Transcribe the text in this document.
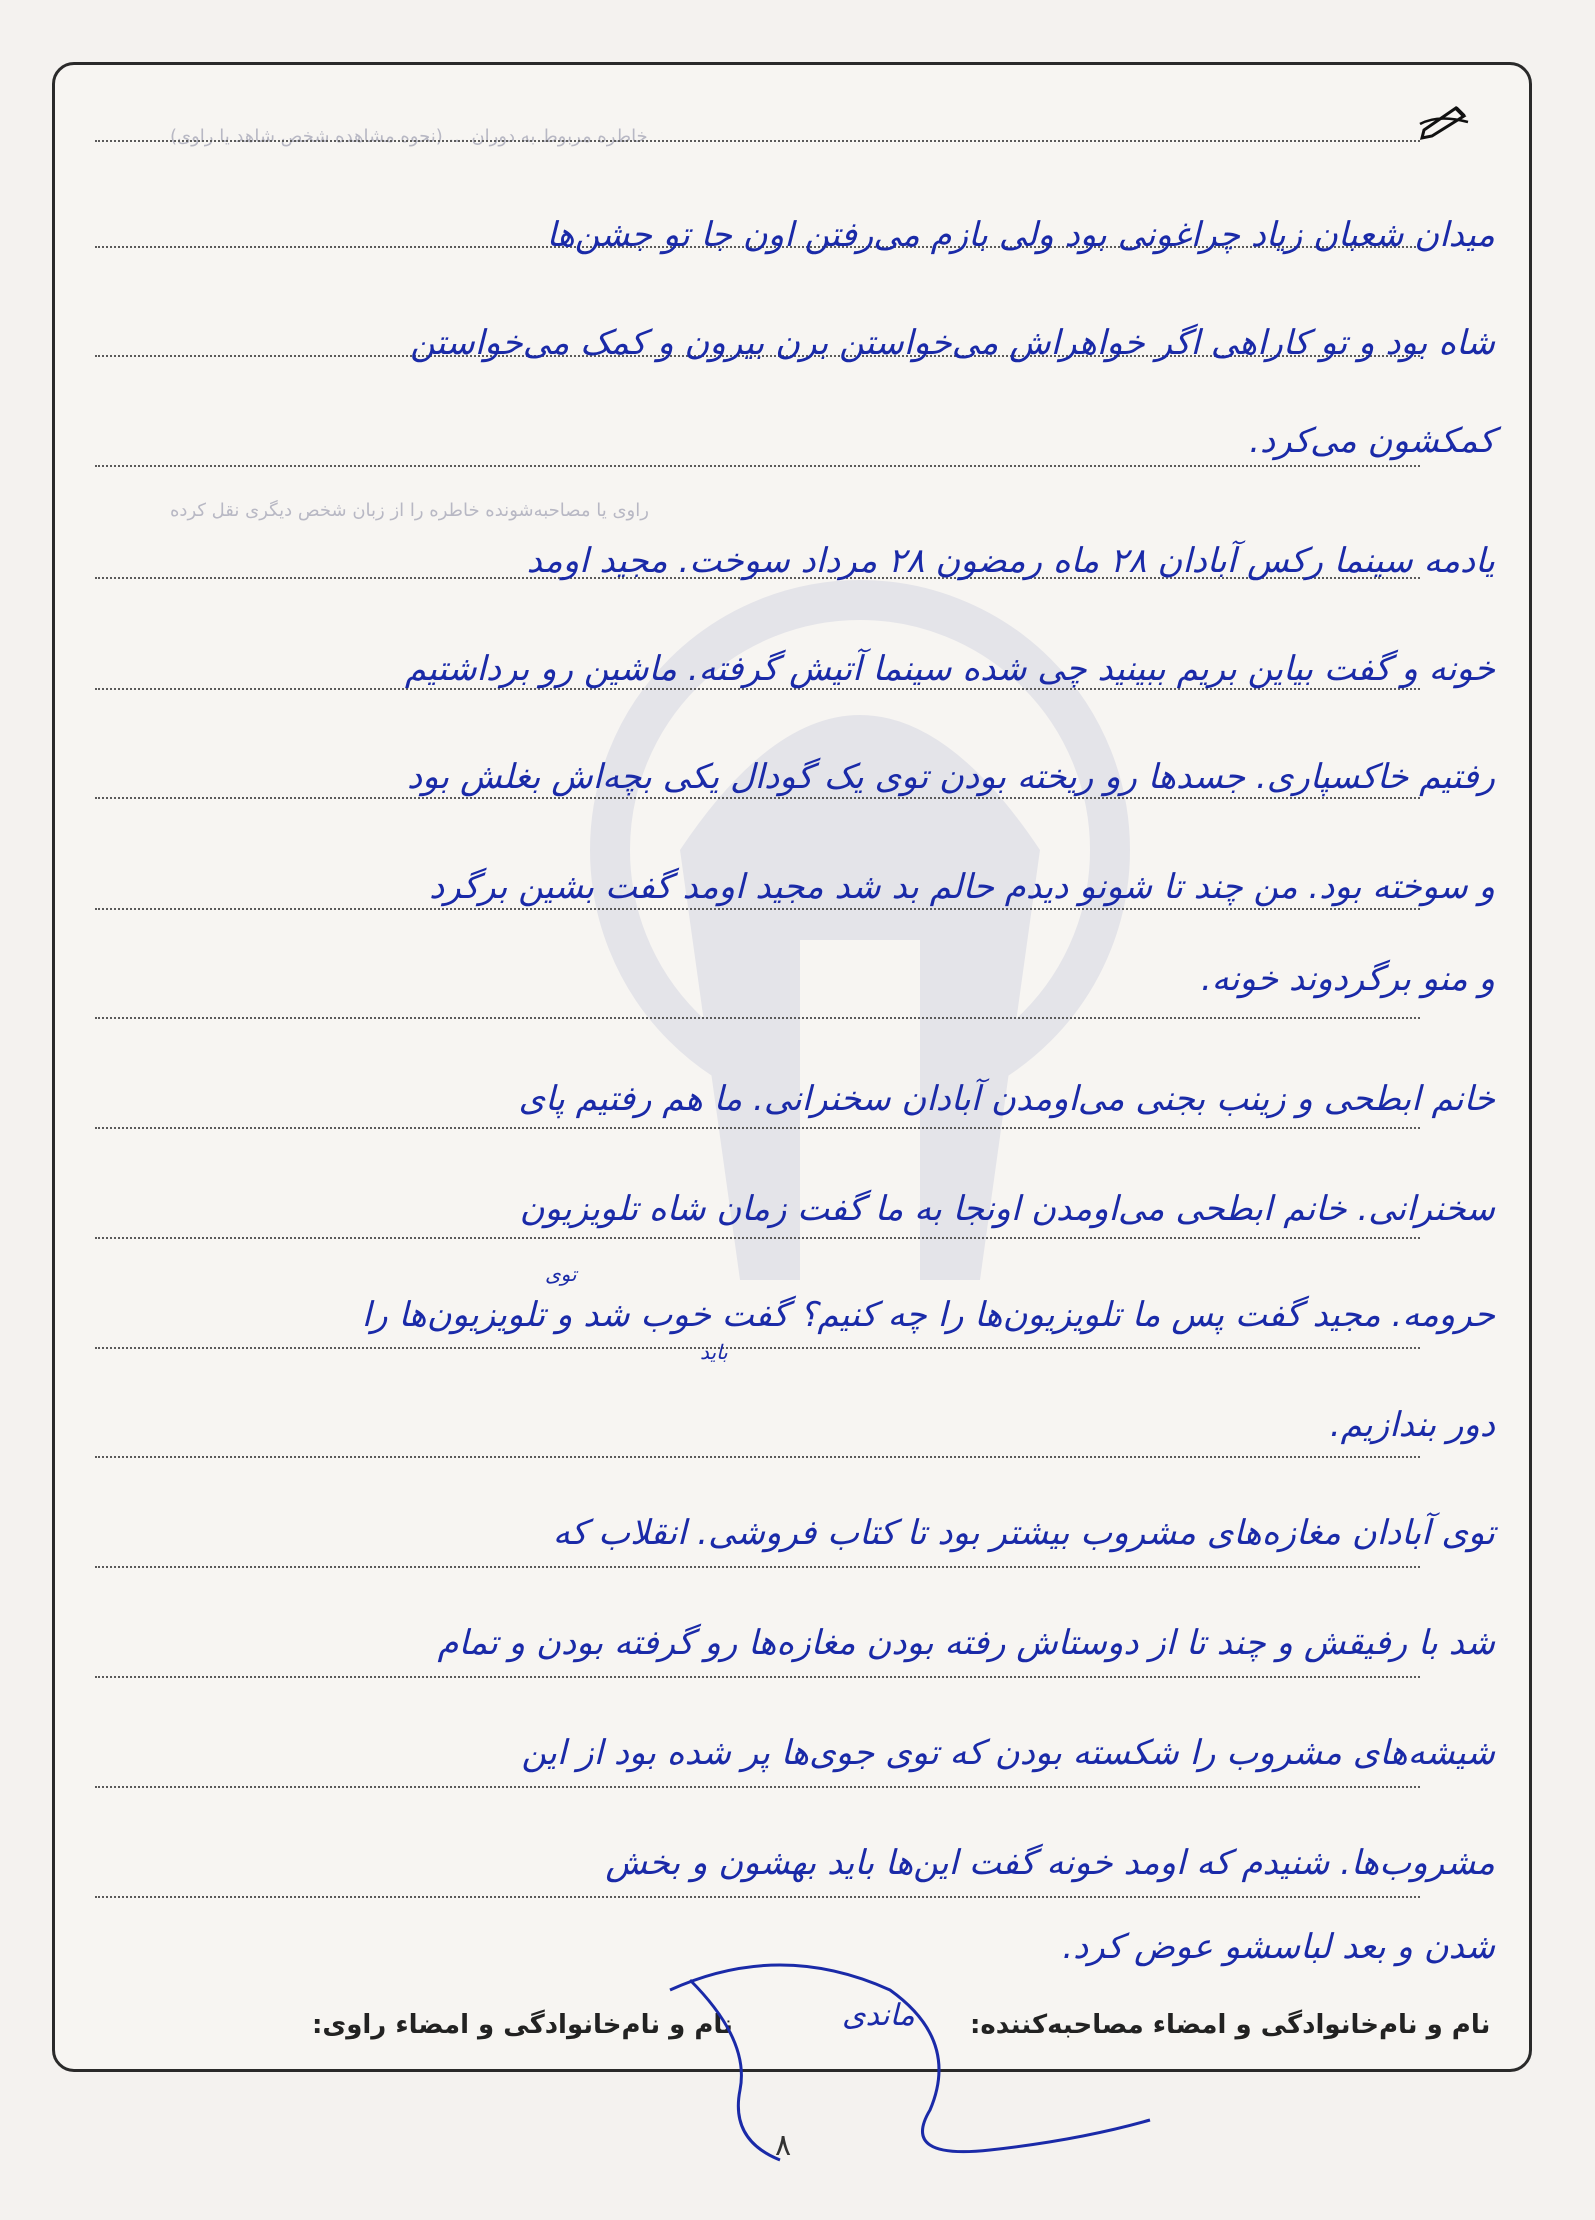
خاطره مربوط به دوران ... (نحوه مشاهده شخص شاهد یا راوی)
راوی یا مصاحبه‌شونده خاطره را از زبان شخص دیگری نقل کرده
میدان شعبان زیاد چراغونی بود ولی بازم می‌رفتن اون جا تو جشن‌ها
شاه بود و تو کاراهی اگر خواهراش می‌خواستن برن بیرون و کمک می‌خواستن
کمکشون می‌کرد.
یادمه سینما رکس آبادان ۲۸ ماه رمضون ۲۸ مرداد سوخت. مجید اومد
خونه و گفت بیاین بریم ببینید چی شده سینما آتیش گرفته. ماشین رو برداشتیم
رفتیم خاکسپاری. جسدها رو ریخته بودن توی یک گودال یکی بچه‌اش بغلش بود
و سوخته بود. من چند تا شونو دیدم حالم بد شد مجید اومد گفت بشین برگرد
و منو برگردوند خونه.
خانم ابطحی و زینب بجنی می‌اومدن آبادان سخنرانی. ما هم رفتیم پای
سخنرانی. خانم ابطحی می‌اومدن اونجا به ما گفت زمان شاه تلویزیون
حرومه. مجید گفت پس ما تلویزیون‌ها را چه کنیم؟ گفت خوب شد و تلویزیون‌ها را
دور بندازیم.
توی آبادان مغازه‌های مشروب بیشتر بود تا کتاب فروشی. انقلاب که
شد با رفیقش و چند تا از دوستاش رفته بودن مغازه‌ها رو گرفته بودن و تمام
شیشه‌های مشروب را شکسته بودن که توی جوی‌ها پر شده بود از این
مشروب‌ها. شنیدم که اومد خونه گفت این‌ها باید بهشون و بخش
شدن و بعد لباسشو عوض کرد.
باید
توی
نام و نام‌خانوادگی و امضاء مصاحبه‌کننده:
نام و نام‌خانوادگی و امضاء راوی:	ماندی
۸
